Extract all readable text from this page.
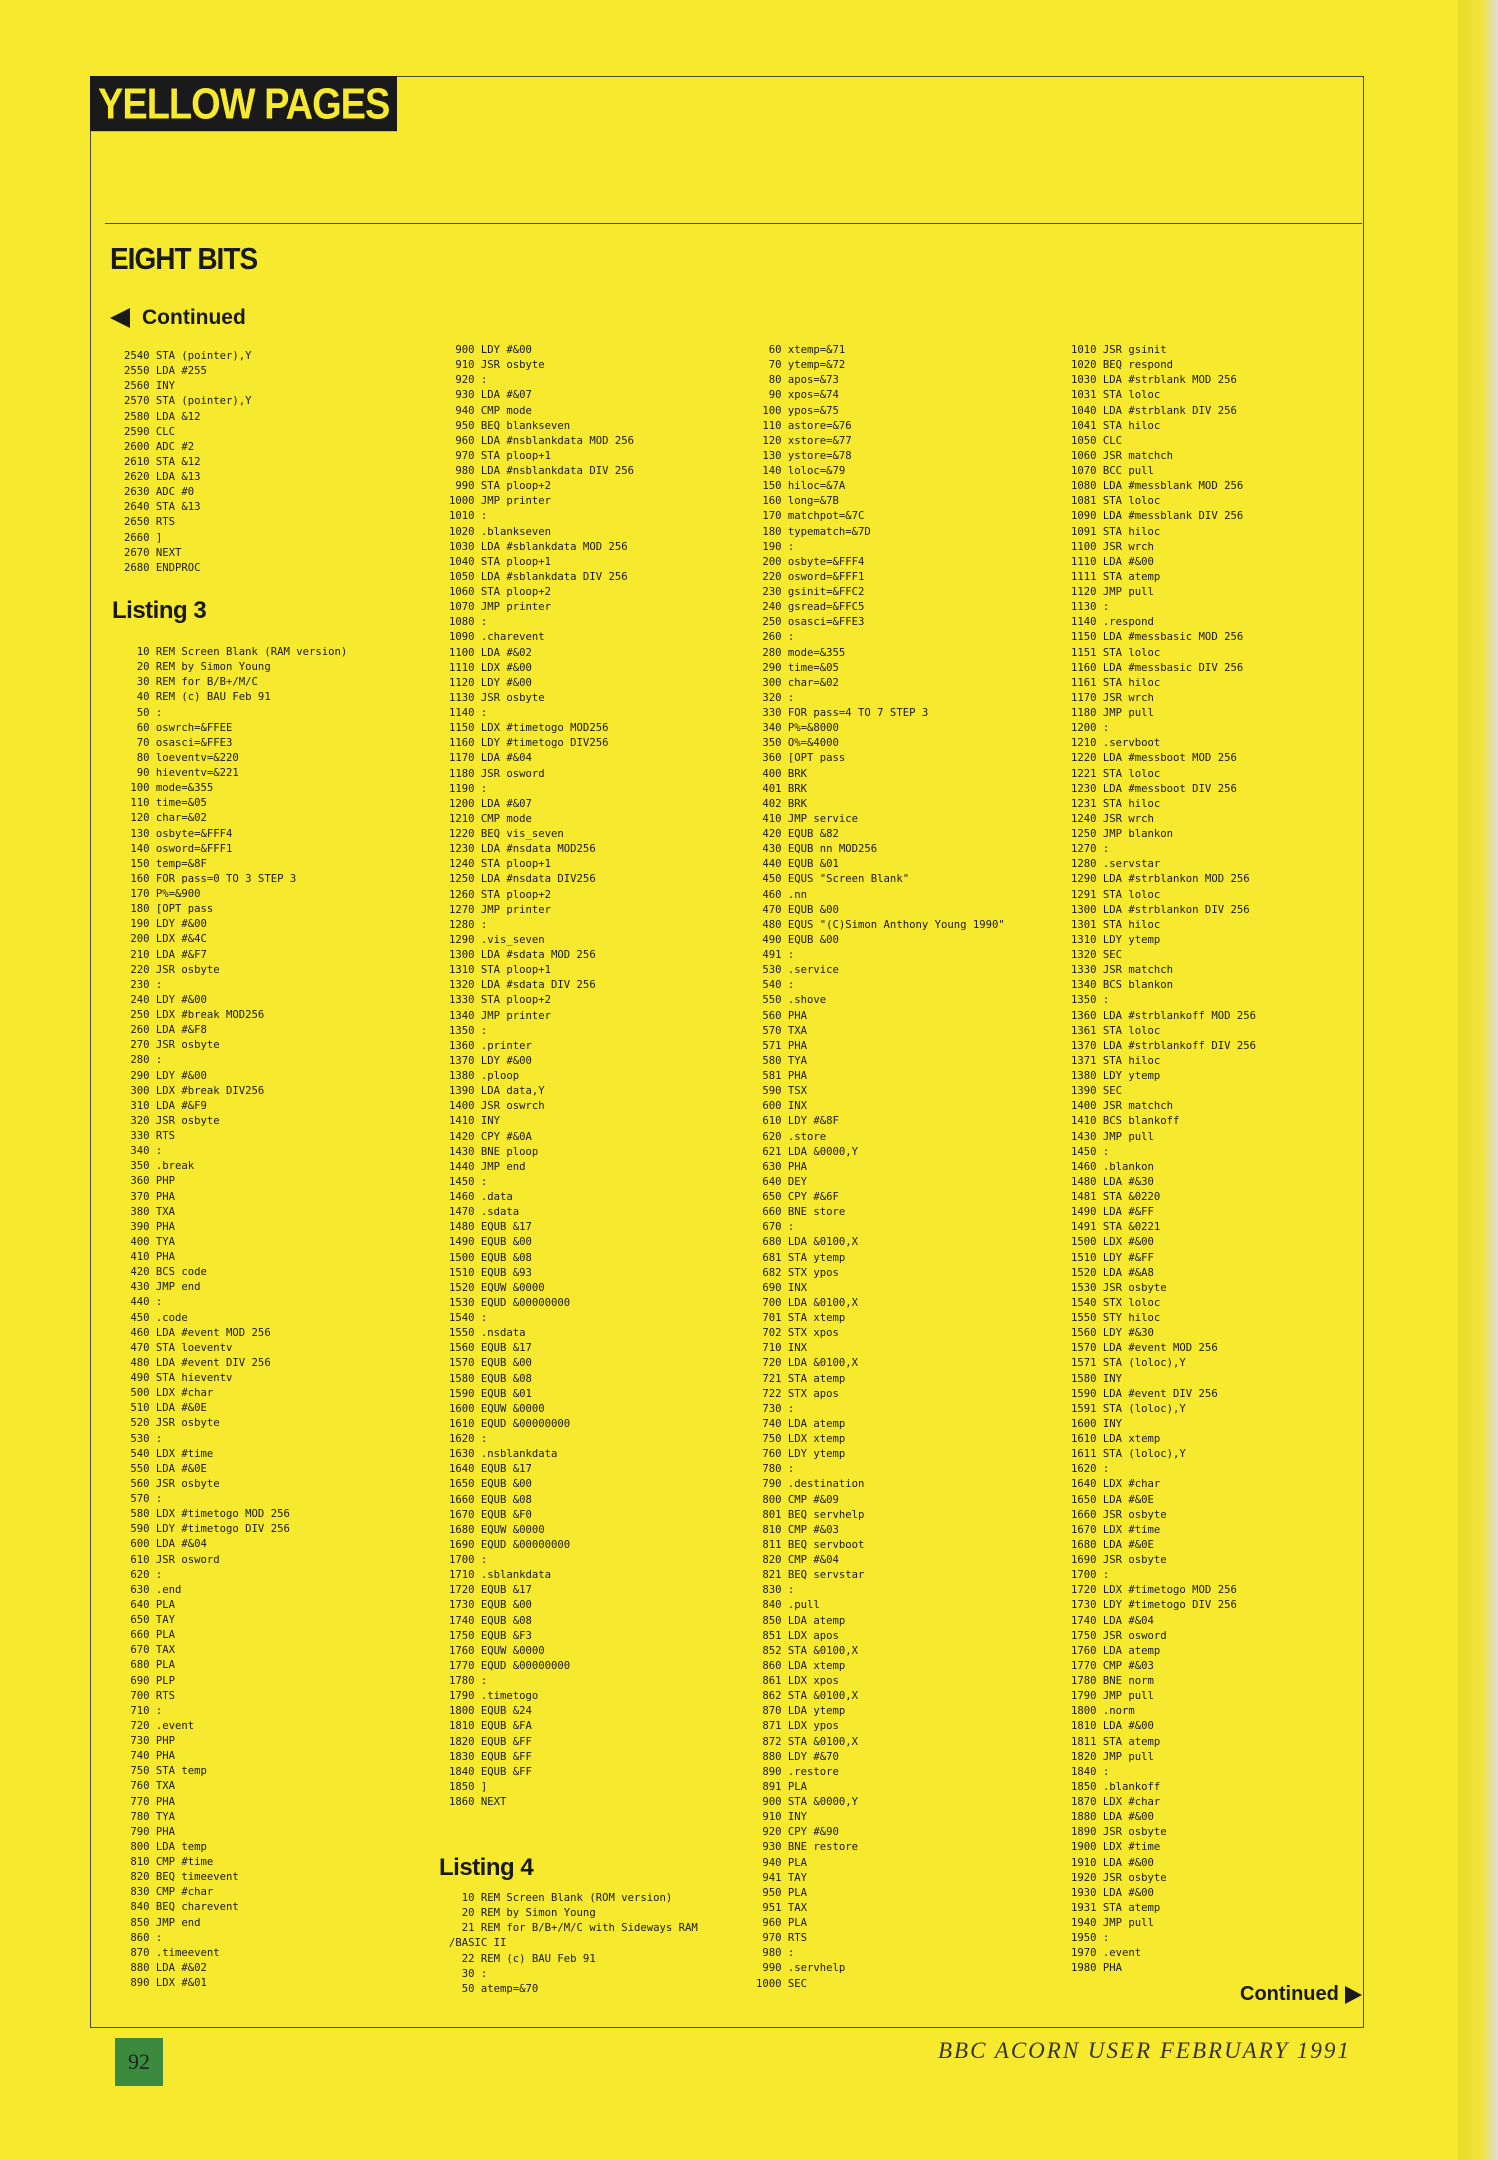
YELLOW PAGES
EIGHT BITS
Continued
2540 STA (pointer),Y
2550 LDA #255
2560 INY
2570 STA (pointer),Y
2580 LDA &12
2590 CLC
2600 ADC #2
2610 STA &12
2620 LDA &13
2630 ADC #0
2640 STA &13
2650 RTS
2660 ]
2670 NEXT
2680 ENDPROC
Listing 3
10 REM Screen Blank (RAM version)
20 REM by Simon Young
30 REM for B/B+/M/C
40 REM (c) BAU Feb 91
50 :
60 oswrch=&FFEE
70 osasci=&FFE3
80 loeventv=&220
90 hieventv=&221
100 mode=&355
110 time=&05
120 char=&02
130 osbyte=&FFF4
140 osword=&FFF1
150 temp=&8F
160 FOR pass=0 TO 3 STEP 3
170 P%=&900
180 [OPT pass
190 LDY #&00
200 LDX #&4C
210 LDA #&F7
220 JSR osbyte
230 :
240 LDY #&00
250 LDX #break MOD256
260 LDA #&F8
270 JSR osbyte
280 :
290 LDY #&00
300 LDX #break DIV256
310 LDA #&F9
320 JSR osbyte
330 RTS
340 :
350 .break
360 PHP
370 PHA
380 TXA
390 PHA
400 TYA
410 PHA
420 BCS code
430 JMP end
440 :
450 .code
460 LDA #event MOD 256
470 STA loeventv
480 LDA #event DIV 256
490 STA hieventv
500 LDX #char
510 LDA #&0E
520 JSR osbyte
530 :
540 LDX #time
550 LDA #&0E
560 JSR osbyte
570 :
580 LDX #timetogo MOD 256
590 LDY #timetogo DIV 256
600 LDA #&04
610 JSR osword
620 :
630 .end
640 PLA
650 TAY
660 PLA
670 TAX
680 PLA
690 PLP
700 RTS
710 :
720 .event
730 PHP
740 PHA
750 STA temp
760 TXA
770 PHA
780 TYA
790 PHA
800 LDA temp
810 CMP #time
820 BEQ timeevent
830 CMP #char
840 BEQ charevent
850 JMP end
860 :
870 .timeevent
880 LDA #&02
890 LDX #&01
900 LDY #&00
910 JSR osbyte
920 :
930 LDA #&07
940 CMP mode
950 BEQ blankseven
960 LDA #nsblankdata MOD 256
970 STA ploop+1
980 LDA #nsblankdata DIV 256
990 STA ploop+2
1000 JMP printer
1010 :
1020 .blankseven
1030 LDA #sblankdata MOD 256
1040 STA ploop+1
1050 LDA #sblankdata DIV 256
1060 STA ploop+2
1070 JMP printer
1080 :
1090 .charevent
1100 LDA #&02
1110 LDX #&00
1120 LDY #&00
1130 JSR osbyte
1140 :
1150 LDX #timetogo MOD256
1160 LDY #timetogo DIV256
1170 LDA #&04
1180 JSR osword
1190 :
1200 LDA #&07
1210 CMP mode
1220 BEQ vis_seven
1230 LDA #nsdata MOD256
1240 STA ploop+1
1250 LDA #nsdata DIV256
1260 STA ploop+2
1270 JMP printer
1280 :
1290 .vis_seven
1300 LDA #sdata MOD 256
1310 STA ploop+1
1320 LDA #sdata DIV 256
1330 STA ploop+2
1340 JMP printer
1350 :
1360 .printer
1370 LDY #&00
1380 .ploop
1390 LDA data,Y
1400 JSR oswrch
1410 INY
1420 CPY #&0A
1430 BNE ploop
1440 JMP end
1450 :
1460 .data
1470 .sdata
1480 EQUB &17
1490 EQUB &00
1500 EQUB &08
1510 EQUB &93
1520 EQUW &0000
1530 EQUD &00000000
1540 :
1550 .nsdata
1560 EQUB &17
1570 EQUB &00
1580 EQUB &08
1590 EQUB &01
1600 EQUW &0000
1610 EQUD &00000000
1620 :
1630 .nsblankdata
1640 EQUB &17
1650 EQUB &00
1660 EQUB &08
1670 EQUB &F0
1680 EQUW &0000
1690 EQUD &00000000
1700 :
1710 .sblankdata
1720 EQUB &17
1730 EQUB &00
1740 EQUB &08
1750 EQUB &F3
1760 EQUW &0000
1770 EQUD &00000000
1780 :
1790 .timetogo
1800 EQUB &24
1810 EQUB &FA
1820 EQUB &FF
1830 EQUB &FF
1840 EQUB &FF
1850 ]
1860 NEXT
Listing 4
10 REM Screen Blank (ROM version)
20 REM by Simon Young
21 REM for B/B+/M/C with Sideways RAM
/BASIC II
22 REM (c) BAU Feb 91
30 :
50 atemp=&70
60 xtemp=&71
70 ytemp=&72
80 apos=&73
90 xpos=&74
100 ypos=&75
110 astore=&76
120 xstore=&77
130 ystore=&78
140 loloc=&79
150 hiloc=&7A
160 long=&7B
170 matchpot=&7C
180 typematch=&7D
190 :
200 osbyte=&FFF4
220 osword=&FFF1
230 gsinit=&FFC2
240 gsread=&FFC5
250 osasci=&FFE3
260 :
280 mode=&355
290 time=&05
300 char=&02
320 :
330 FOR pass=4 TO 7 STEP 3
340 P%=&8000
350 O%=&4000
360 [OPT pass
400 BRK
401 BRK
402 BRK
410 JMP service
420 EQUB &82
430 EQUB nn MOD256
440 EQUB &01
450 EQUS "Screen Blank"
460 .nn
470 EQUB &00
480 EQUS "(C)Simon Anthony Young 1990"
490 EQUB &00
491 :
530 .service
540 :
550 .shove
560 PHA
570 TXA
571 PHA
580 TYA
581 PHA
590 TSX
600 INX
610 LDY #&8F
620 .store
621 LDA &0000,Y
630 PHA
640 DEY
650 CPY #&6F
660 BNE store
670 :
680 LDA &0100,X
681 STA ytemp
682 STX ypos
690 INX
700 LDA &0100,X
701 STA xtemp
702 STX xpos
710 INX
720 LDA &0100,X
721 STA atemp
722 STX apos
730 :
740 LDA atemp
750 LDX xtemp
760 LDY ytemp
780 :
790 .destination
800 CMP #&09
801 BEQ servhelp
810 CMP #&03
811 BEQ servboot
820 CMP #&04
821 BEQ servstar
830 :
840 .pull
850 LDA atemp
851 LDX apos
852 STA &0100,X
860 LDA xtemp
861 LDX xpos
862 STA &0100,X
870 LDA ytemp
871 LDX ypos
872 STA &0100,X
880 LDY #&70
890 .restore
891 PLA
900 STA &0000,Y
910 INY
920 CPY #&90
930 BNE restore
940 PLA
941 TAY
950 PLA
951 TAX
960 PLA
970 RTS
980 :
990 .servhelp
1000 SEC
1010 JSR gsinit
1020 BEQ respond
1030 LDA #strblank MOD 256
1031 STA loloc
1040 LDA #strblank DIV 256
1041 STA hiloc
1050 CLC
1060 JSR matchch
1070 BCC pull
1080 LDA #messblank MOD 256
1081 STA loloc
1090 LDA #messblank DIV 256
1091 STA hiloc
1100 JSR wrch
1110 LDA #&00
1111 STA atemp
1120 JMP pull
1130 :
1140 .respond
1150 LDA #messbasic MOD 256
1151 STA loloc
1160 LDA #messbasic DIV 256
1161 STA hiloc
1170 JSR wrch
1180 JMP pull
1200 :
1210 .servboot
1220 LDA #messboot MOD 256
1221 STA loloc
1230 LDA #messboot DIV 256
1231 STA hiloc
1240 JSR wrch
1250 JMP blankon
1270 :
1280 .servstar
1290 LDA #strblankon MOD 256
1291 STA loloc
1300 LDA #strblankon DIV 256
1301 STA hiloc
1310 LDY ytemp
1320 SEC
1330 JSR matchch
1340 BCS blankon
1350 :
1360 LDA #strblankoff MOD 256
1361 STA loloc
1370 LDA #strblankoff DIV 256
1371 STA hiloc
1380 LDY ytemp
1390 SEC
1400 JSR matchch
1410 BCS blankoff
1430 JMP pull
1450 :
1460 .blankon
1480 LDA #&30
1481 STA &0220
1490 LDA #&FF
1491 STA &0221
1500 LDX #&00
1510 LDY #&FF
1520 LDA #&A8
1530 JSR osbyte
1540 STX loloc
1550 STY hiloc
1560 LDY #&30
1570 LDA #event MOD 256
1571 STA (loloc),Y
1580 INY
1590 LDA #event DIV 256
1591 STA (loloc),Y
1600 INY
1610 LDA xtemp
1611 STA (loloc),Y
1620 :
1640 LDX #char
1650 LDA #&0E
1660 JSR osbyte
1670 LDX #time
1680 LDA #&0E
1690 JSR osbyte
1700 :
1720 LDX #timetogo MOD 256
1730 LDY #timetogo DIV 256
1740 LDA #&04
1750 JSR osword
1760 LDA atemp
1770 CMP #&03
1780 BNE norm
1790 JMP pull
1800 .norm
1810 LDA #&00
1811 STA atemp
1820 JMP pull
1840 :
1850 .blankoff
1870 LDX #char
1880 LDA #&00
1890 JSR osbyte
1900 LDX #time
1910 LDA #&00
1920 JSR osbyte
1930 LDA #&00
1931 STA atemp
1940 JMP pull
1950 :
1970 .event
1980 PHA
Continued
92	BBC ACORN USER FEBRUARY 1991
